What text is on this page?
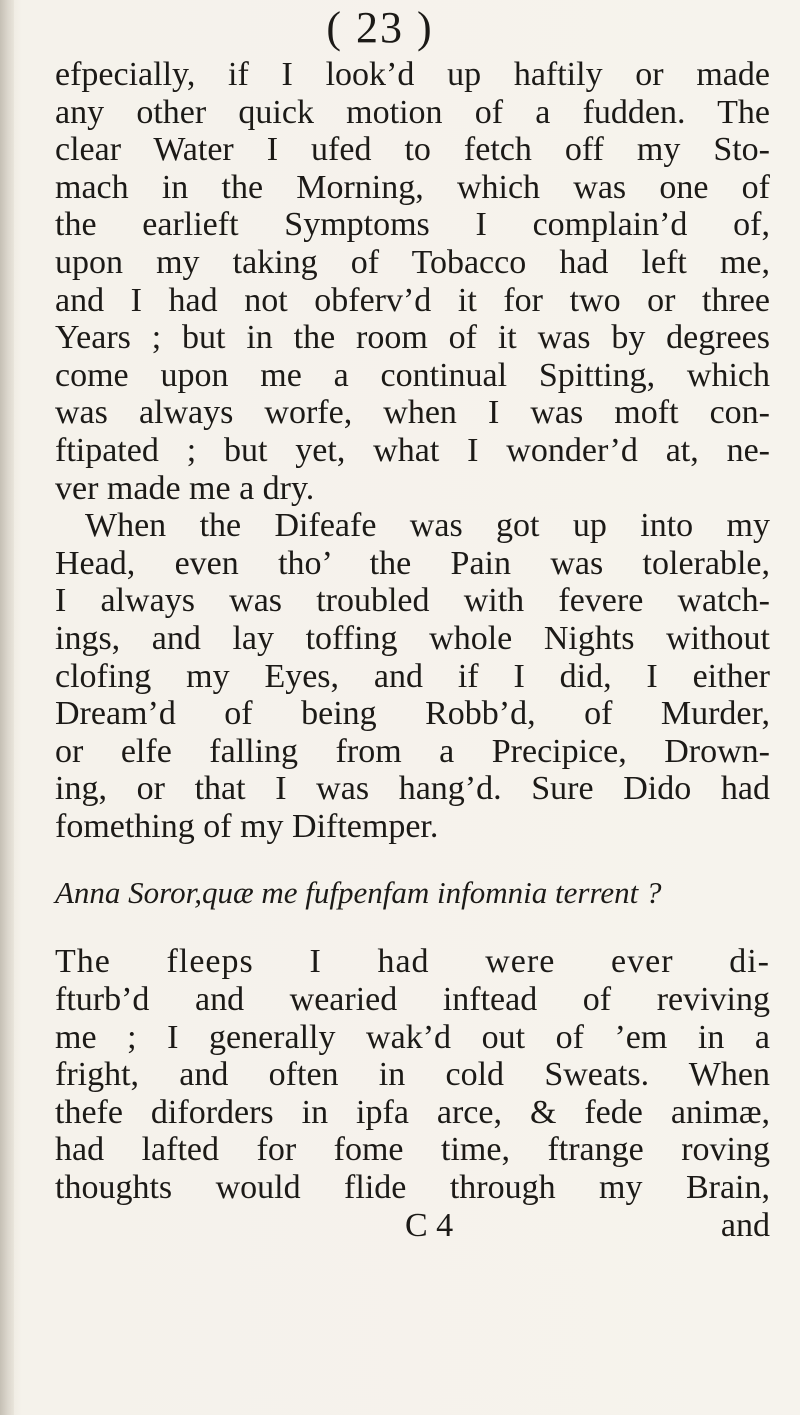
( 23 )
efpecially, if I look’d up haftily or made
any other quick motion of a fudden. The
clear Water I ufed to fetch off my Sto-
mach in the Morning, which was one of
the earlieft Symptoms I complain’d of,
upon my taking of Tobacco had left me,
and I had not obferv’d it for two or three
Years ; but in the room of it was by degrees
come upon me a continual Spitting, which
was always worfe, when I was moft con-
ftipated ; but yet, what I wonder’d at, ne-
ver made me a dry.
When the Difeafe was got up into my
Head, even tho’ the Pain was tolerable,
I always was troubled with fevere watch-
ings, and lay toffing whole Nights without
clofing my Eyes, and if I did, I either
Dream’d of being Robb’d, of Murder,
or elfe falling from a Precipice, Drown-
ing, or that I was hang’d. Sure Dido had
fomething of my Diftemper.
Anna Soror,quæ me fufpenfam infomnia terrent ?
The fleeps I had were ever di-
fturb’d and wearied inftead of reviving
me ; I generally wak’d out of ’em in a
fright, and often in cold Sweats. When
thefe diforders in ipfa arce, & fede animæ,
had lafted for fome time, ftrange roving
thoughts would flide through my Brain,
C 4	and
